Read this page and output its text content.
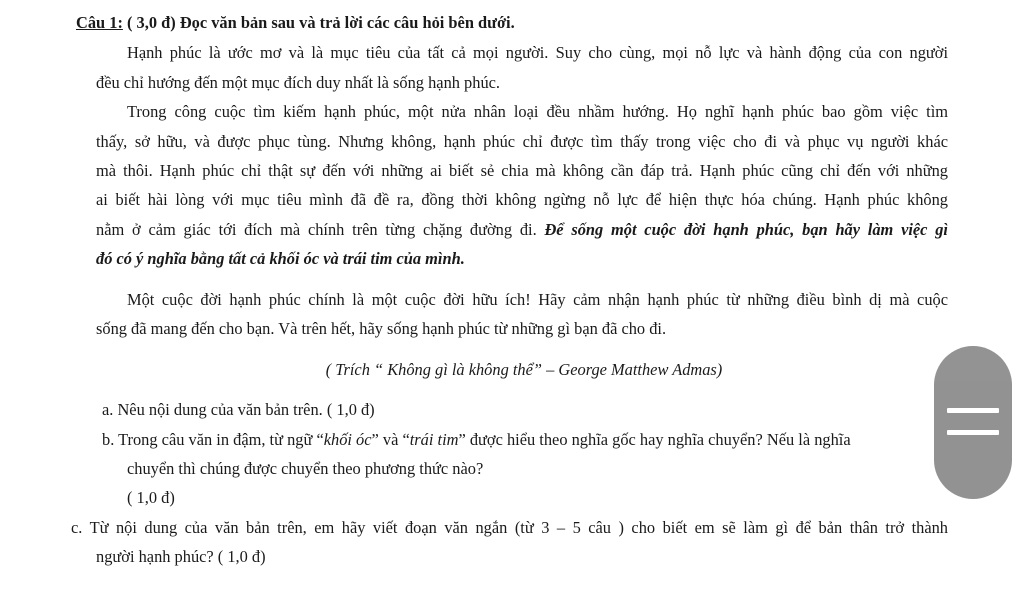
Câu 1: ( 3,0 đ) Đọc văn bản sau và trả lời các câu hỏi bên dưới.
Hạnh phúc là ước mơ và là mục tiêu của tất cả mọi người. Suy cho cùng, mọi nỗ lực và hành động của con người
đều chỉ hướng đến một mục đích duy nhất là sống hạnh phúc.
Trong công cuộc tìm kiếm hạnh phúc, một nửa nhân loại đều nhầm hướng. Họ nghĩ hạnh phúc bao gồm việc tìm
thấy, sở hữu, và được phục tùng. Nhưng không, hạnh phúc chỉ được tìm thấy trong việc cho đi và phục vụ người khác
mà thôi. Hạnh phúc chỉ thật sự đến với những ai biết sẻ chia mà không cần đáp trả. Hạnh phúc cũng chỉ đến với những
ai biết hài lòng với mục tiêu mình đã đề ra, đồng thời không ngừng nỗ lực để hiện thực hóa chúng. Hạnh phúc không
nằm ở cảm giác tới đích mà chính trên từng chặng đường đi. Để sống một cuộc đời hạnh phúc, bạn hãy làm việc gì
đó có ý nghĩa bằng tất cả khối óc và trái tim của mình.
Một cuộc đời hạnh phúc chính là một cuộc đời hữu ích! Hãy cảm nhận hạnh phúc từ những điều bình dị mà cuộc
sống đã mang đến cho bạn. Và trên hết, hãy sống hạnh phúc từ những gì bạn đã cho đi.
( Trích “ Không gì là không thể” – George Matthew Admas)
a. Nêu nội dung của văn bản trên. ( 1,0 đ)
b. Trong câu văn in đậm, từ ngữ “khối óc” và “trái tim” được hiểu theo nghĩa gốc hay nghĩa chuyển? Nếu là nghĩa
chuyển thì chúng được chuyển theo phương thức nào?
( 1,0 đ)
c. Từ nội dung của văn bản trên, em hãy viết đoạn văn ngắn (từ 3 – 5 câu ) cho biết em sẽ làm gì để bản thân trở thành
người hạnh phúc? ( 1,0 đ)
